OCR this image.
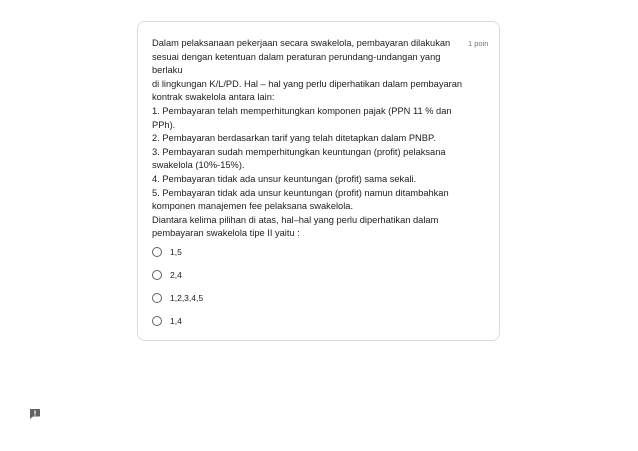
Dalam pelaksanaan pekerjaan secara swakelola, pembayaran dilakukan
sesuai dengan ketentuan dalam peraturan perundang-undangan yang berlaku
di lingkungan K/L/PD. Hal – hal yang perlu diperhatikan dalam pembayaran
kontrak swakelola antara lain:
1. Pembayaran telah memperhitungkan komponen pajak (PPN 11 % dan
PPh).
2. Pembayaran berdasarkan tarif yang telah ditetapkan dalam PNBP.
3. Pembayaran sudah memperhitungkan keuntungan (profit) pelaksana
swakelola (10%-15%).
4. Pembayaran tidak ada unsur keuntungan (profit) sama sekali.
5. Pembayaran tidak ada unsur keuntungan (profit) namun ditambahkan
komponen manajemen fee pelaksana swakelola.
Diantara kelima pilihan di atas, hal–hal yang perlu diperhatikan dalam
pembayaran swakelola tipe II yaitu :
1 poin
1,5
2,4
1,2,3,4,5
1,4
